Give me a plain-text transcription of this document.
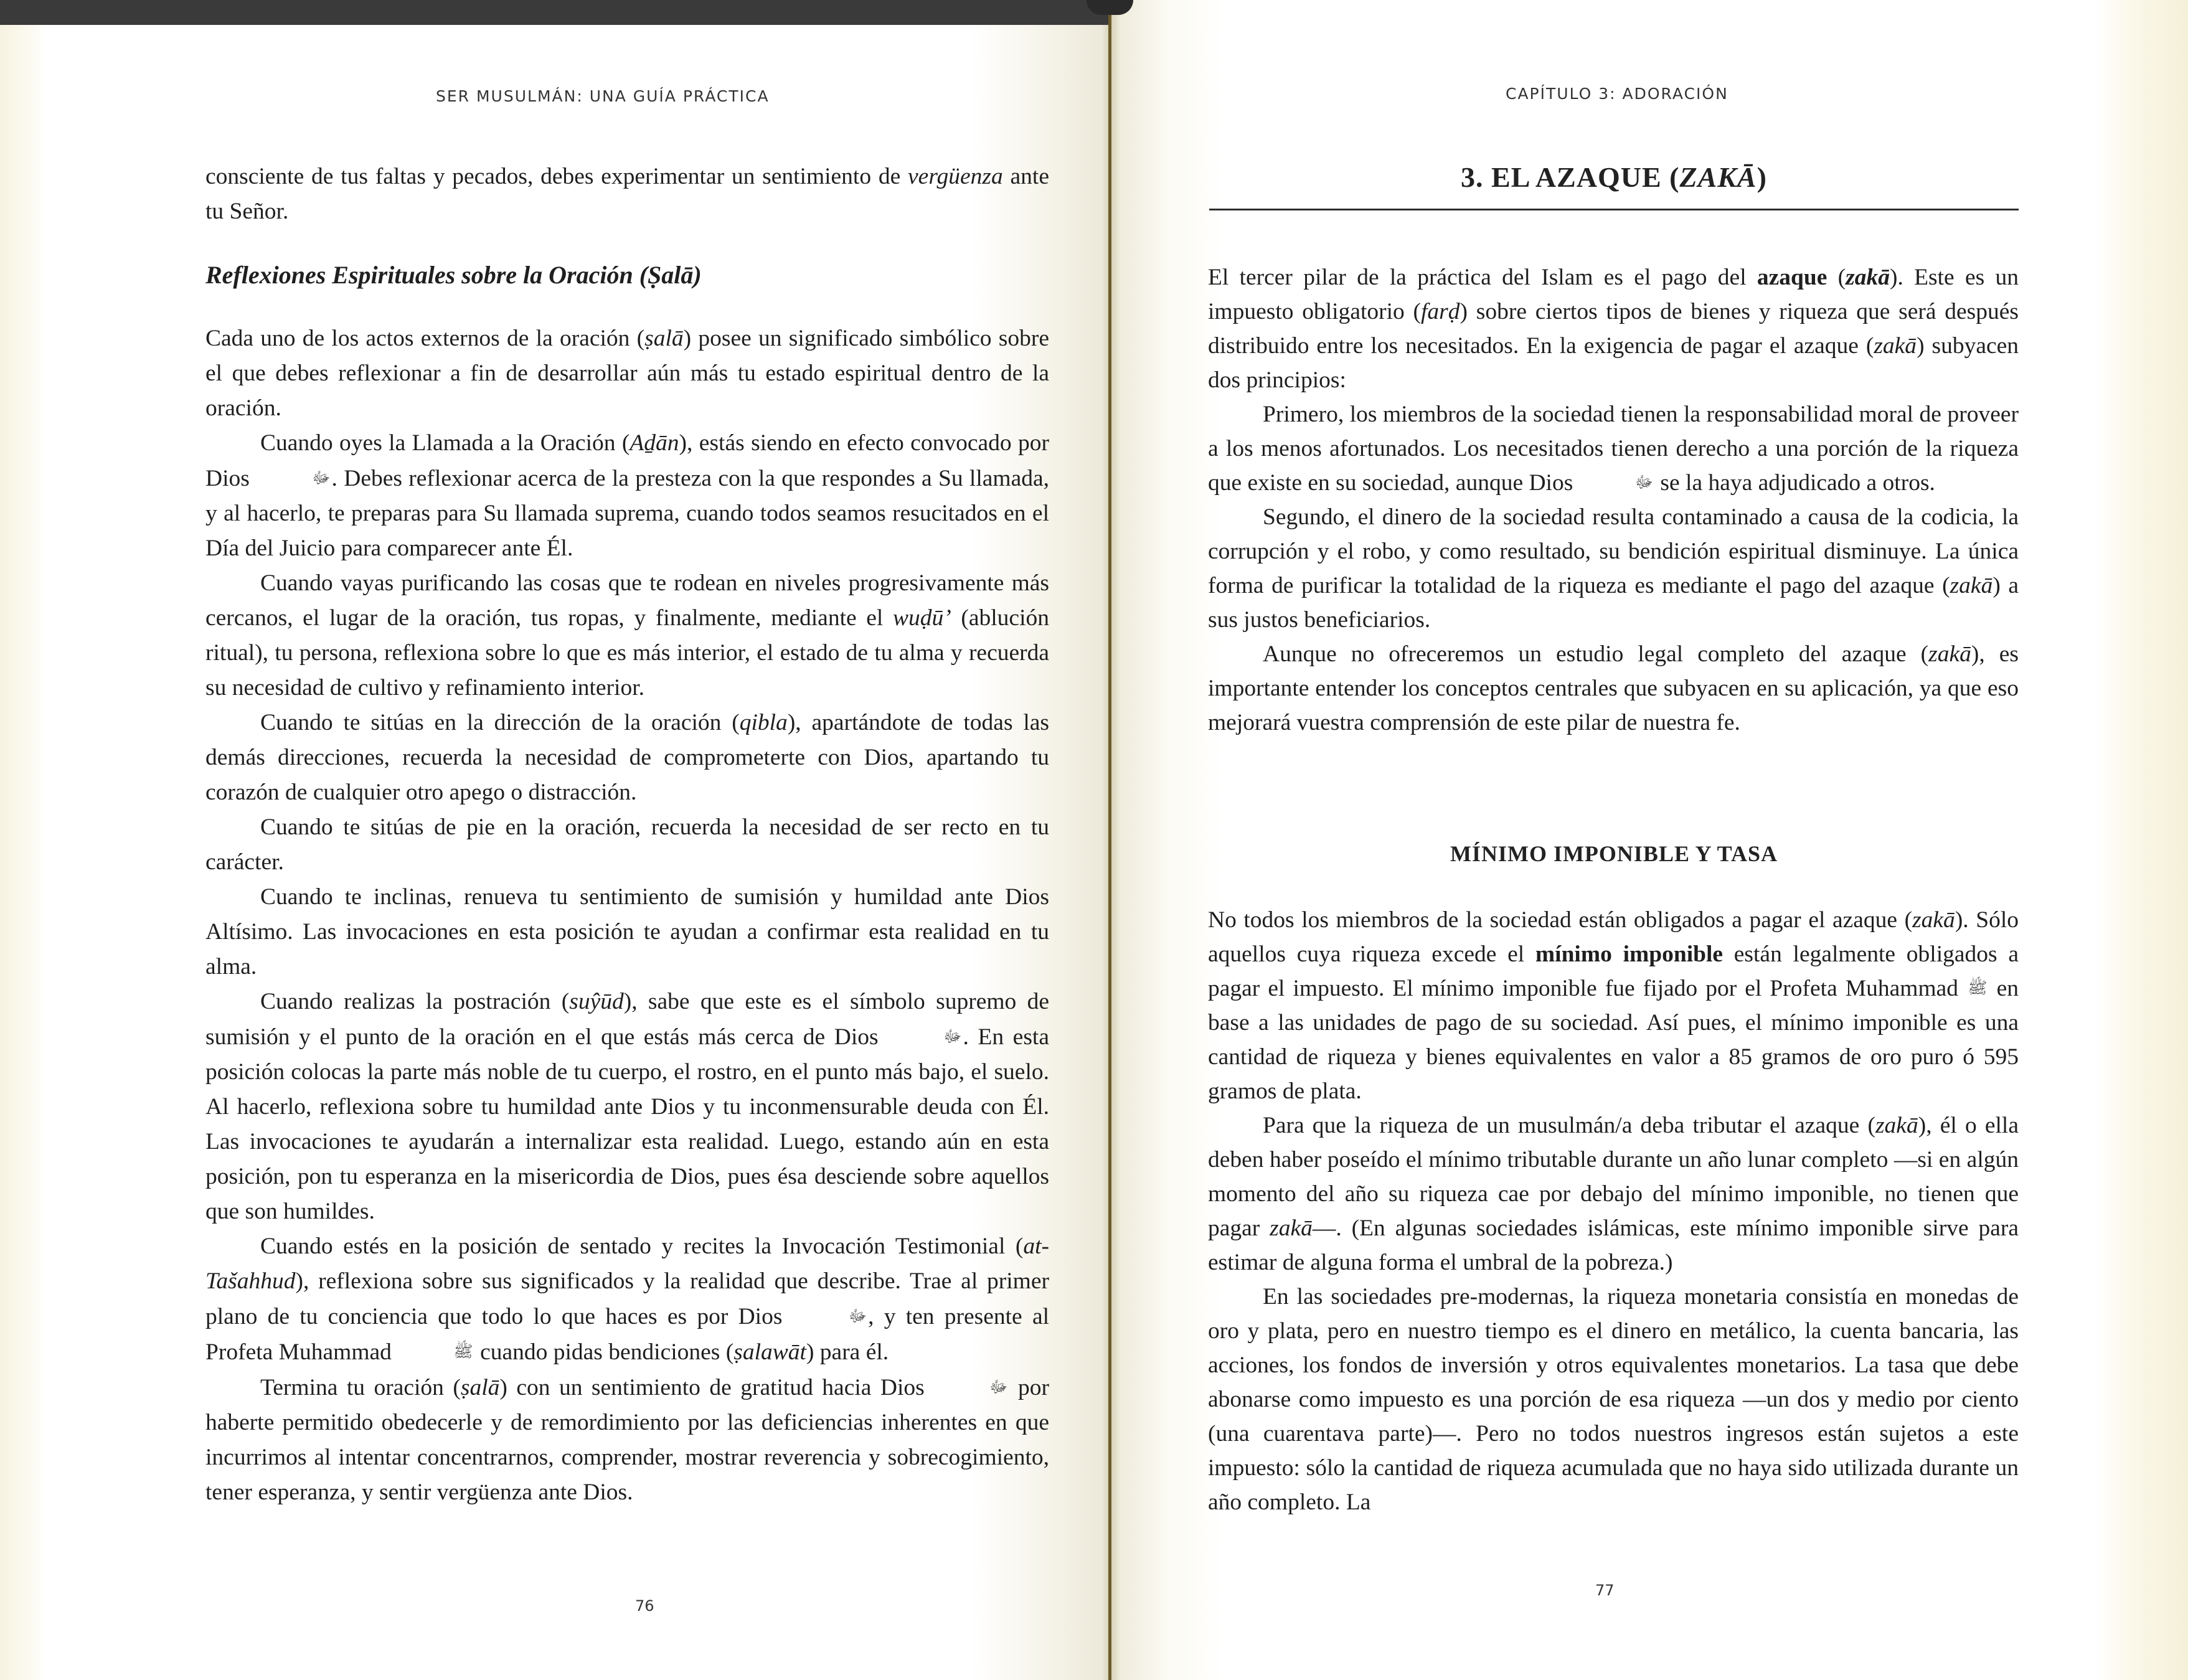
SER MUSULMÁN: UNA GUÍA PRÁCTICA

consciente de tus faltas y pecados, debes experimentar un sentimiento de vergüenza ante tu Señor.

Reflexiones Espirituales sobre la Oración (Ṣalā)

Cada uno de los actos externos de la oración (ṣalā) posee un significado simbólico sobre el que debes reflexionar a fin de desarrollar aún más tu estado espiritual dentro de la oración.

Cuando oyes la Llamada a la Oración (Aḏān), estás siendo en efecto convocado por Dios	ﷻ. Debes reflexionar acerca de la presteza con la que respondes a Su llamada, y al hacerlo, te preparas para Su llamada suprema, cuando todos seamos resucitados en el Día del Juicio para comparecer ante Él.

Cuando vayas purificando las cosas que te rodean en niveles progresivamente más cercanos, el lugar de la oración, tus ropas, y finalmente, mediante el wuḍū’ (ablución ritual), tu persona, reflexiona sobre lo que es más interior, el estado de tu alma y recuerda su necesidad de cultivo y refinamiento interior.

Cuando te sitúas en la dirección de la oración (qibla), apartándote de todas las demás direcciones, recuerda la necesidad de comprometerte con Dios, apartando tu corazón de cualquier otro apego o distracción.

Cuando te sitúas de pie en la oración, recuerda la necesidad de ser recto en tu carácter.

Cuando te inclinas, renueva tu sentimiento de sumisión y humildad ante Dios Altísimo. Las invocaciones en esta posición te ayudan a confirmar esta realidad en tu alma.

Cuando realizas la postración (suŷūd), sabe que este es el símbolo supremo de sumisión y el punto de la oración en el que estás más cerca de Dios	ﷻ. En esta posición colocas la parte más noble de tu cuerpo, el rostro, en el punto más bajo, el suelo. Al hacerlo, reflexiona sobre tu humildad ante Dios y tu inconmensurable deuda con Él. Las invocaciones te ayudarán a internalizar esta realidad. Luego, estando aún en esta posición, pon tu esperanza en la misericordia de Dios, pues ésa desciende sobre aquellos que son humildes.

Cuando estés en la posición de sentado y recites la Invocación Testimonial (at-Tašahhud), reflexiona sobre sus significados y la realidad que describe. Trae al primer plano de tu conciencia que todo lo que haces es por Dios	ﷻ, y ten presente al Profeta Muhammad	ﷺ cuando pidas bendiciones (ṣalawāt) para él.

Termina tu oración (ṣalā) con un sentimiento de gratitud hacia Dios	ﷻ por haberte permitido obedecerle y de remordimiento por las deficiencias inherentes en que incurrimos al intentar concentrarnos, comprender, mostrar reverencia y sobrecogimiento, tener esperanza, y sentir vergüenza ante Dios.

76
CAPÍTULO 3: ADORACIÓN
3. EL AZAQUE (ZAKĀ)

El tercer pilar de la práctica del Islam es el pago del azaque (zakā). Este es un impuesto obligatorio (farḍ) sobre ciertos tipos de bienes y riqueza que será después distribuido entre los necesitados. En la exigencia de pagar el azaque (zakā) subyacen dos principios:

Primero, los miembros de la sociedad tienen la responsabilidad moral de proveer a los menos afortunados. Los necesitados tienen derecho a una porción de la riqueza que existe en su sociedad, aunque Dios	ﷻ se la haya adjudicado a otros.

Segundo, el dinero de la sociedad resulta contaminado a causa de la codicia, la corrupción y el robo, y como resultado, su bendición espiritual disminuye. La única forma de purificar la totalidad de la riqueza es mediante el pago del azaque (zakā) a sus justos beneficiarios.

Aunque no ofreceremos un estudio legal completo del azaque (zakā), es importante entender los conceptos centrales que subyacen en su aplicación, ya que eso mejorará vuestra comprensión de este pilar de nuestra fe.

MÍNIMO IMPONIBLE Y TASA

No todos los miembros de la sociedad están obligados a pagar el azaque (zakā). Sólo aquellos cuya riqueza excede el mínimo imponible están legalmente obligados a pagar el impuesto. El mínimo imponible fue fijado por el Profeta Muhammad ﷺ en base a las unidades de pago de su sociedad. Así pues, el mínimo imponible es una cantidad de riqueza y bienes equivalentes en valor a 85 gramos de oro puro ó 595 gramos de plata.

Para que la riqueza de un musulmán/a deba tributar el azaque (zakā), él o ella deben haber poseído el mínimo tributable durante un año lunar completo —si en algún momento del año su riqueza cae por debajo del mínimo imponible, no tienen que pagar zakā—. (En algunas sociedades islámicas, este mínimo imponible sirve para estimar de alguna forma el umbral de la pobreza.)

En las sociedades pre-modernas, la riqueza monetaria consistía en monedas de oro y plata, pero en nuestro tiempo es el dinero en metálico, la cuenta bancaria, las acciones, los fondos de inversión y otros equivalentes monetarios. La tasa que debe abonarse como impuesto es una porción de esa riqueza —un dos y medio por ciento (una cuarentava parte)—. Pero no todos nuestros ingresos están sujetos a este impuesto: sólo la cantidad de riqueza acumulada que no haya sido utilizada durante un año completo. La

77
